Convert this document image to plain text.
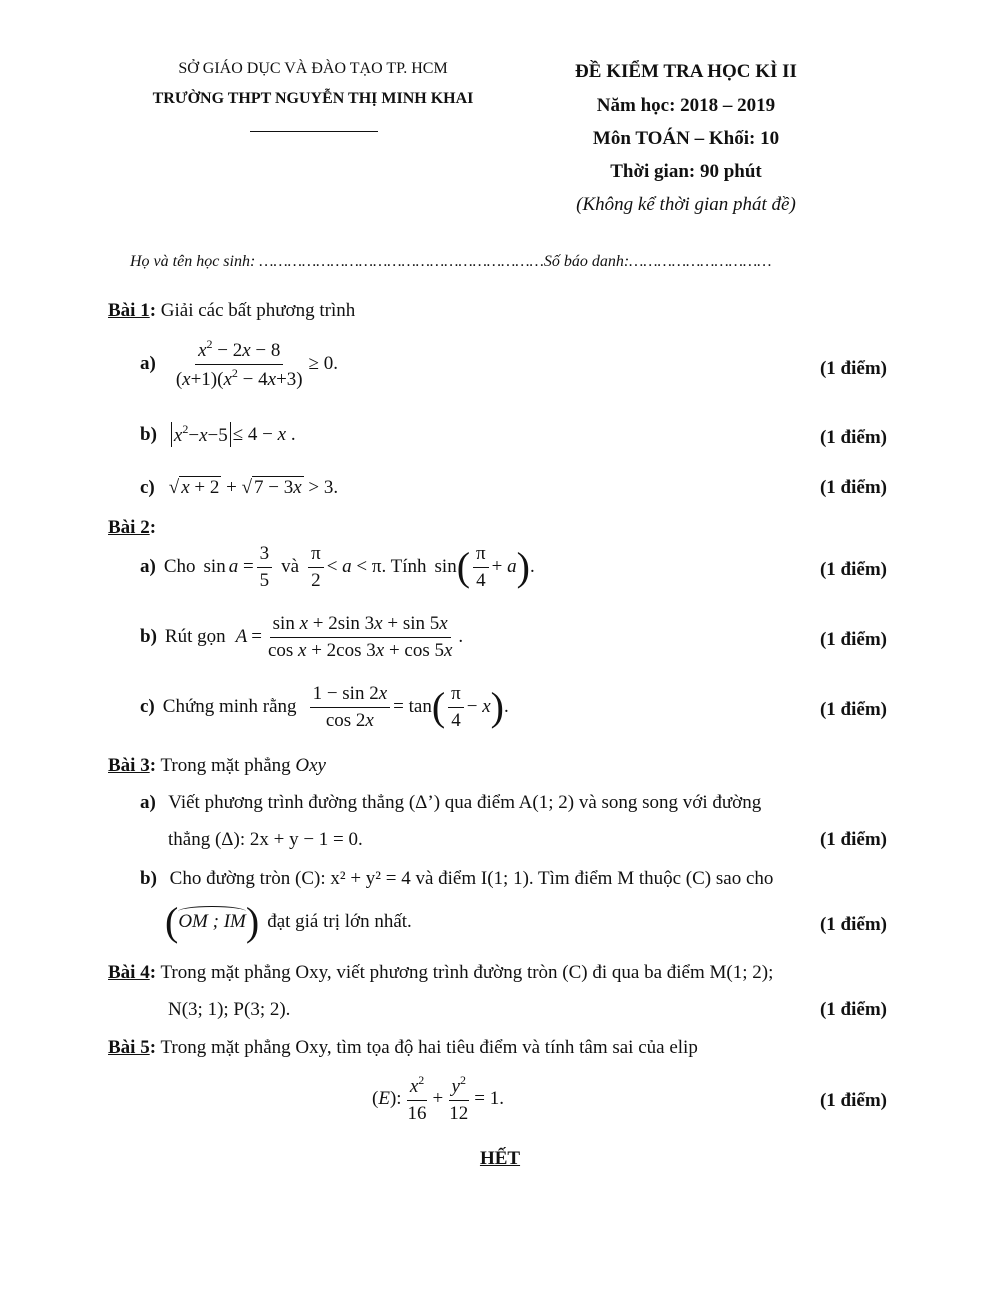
SỞ GIÁO DỤC VÀ ĐÀO TẠO TP. HCM
TRƯỜNG THPT NGUYỄN THỊ MINH KHAI
ĐỀ KIỂM TRA HỌC KÌ II
Năm học: 2018 – 2019
Môn TOÁN – Khối: 10
Thời gian: 90 phút
(Không kể thời gian phát đề)
Họ và tên học sinh: ……………………………………………………Số báo danh:…………………………
Bài 1: Giải các bất phương trình
$a) \frac{x^2 - 2x - 8}{(x+1)(x^2 - 4x+3)} \ge 0$.	(1 điểm)
b) $x^2-x-5 \le 4 - x$ .	(1 điểm)
c) √ x + 2 + √ 7 − 3x > 3.	(1 điểm)
Bài 2:
a) Cho $\sin a = \frac{3}{5}$ và $\frac{\pi}{2} < a < \pi$ . Tính sin ( $\frac{\pi}{4} + a$ ) .	(1 điểm)
b) Rút gọn $A = \frac{\text{sin x + 2sin 3x + sin 5x}}{\text{cos x + 2cos 3x + cos 5x}}$ .	(1 điểm)
c) Chứng minh rằng $\frac{1 - \sin 2x}{\cos 2x} = \tan$ ( $\frac{\pi}{4} - x$ ) .	(1 điểm)
Bài 3: Trong mặt phẳng Oxy
a) Viết phương trình đường thẳng (Δ’) qua điểm A(1; 2) và song song với đường
thẳng (Δ): 2x + y − 1 = 0.	(1 điểm)
b) Cho đường tròn (C): x² + y² = 4 và điểm I(1; 1). Tìm điểm M thuộc (C) sao cho
( OM ; IM ) đạt giá trị lớn nhất.	(1 điểm)
Bài 4: Trong mặt phẳng Oxy, viết phương trình đường tròn (C) đi qua ba điểm M(1; 2);
N(3; 1); P(3; 2).	(1 điểm)
Bài 5: Trong mặt phẳng Oxy, tìm tọa độ hai tiêu điểm và tính tâm sai của elip
(E): $\frac{x^2}{16} + \frac{y^2}{12} = 1$.	(1 điểm)
HẾT
